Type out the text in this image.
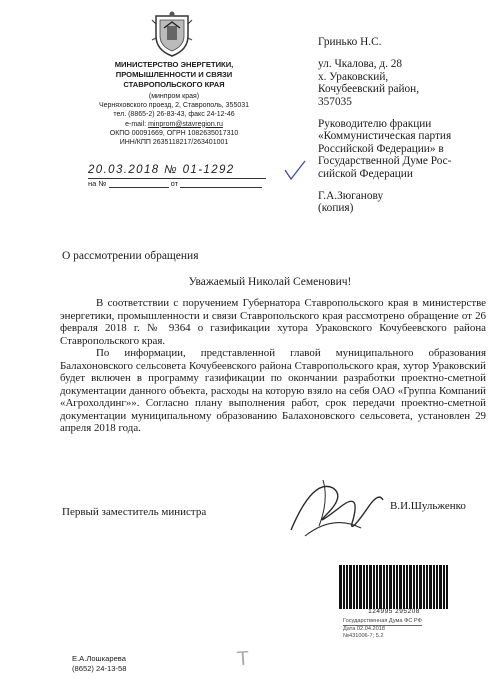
МИНИСТЕРСТВО ЭНЕРГЕТИКИ,
ПРОМЫШЛЕННОСТИ И СВЯЗИ
СТАВРОПОЛЬСКОГО КРАЯ
(минпром края)
Черняховского проезд, 2, Ставрополь, 355031
тел. (8865-2) 26-83-43, факс 24-12-46
e-mail: minprom@stavregion.ru
ОКПО 00091669, ОГРН 1082635017310
ИНН/КПП 2635118217/263401001
20.03.2018 № 01-1292
на №	от

Гринько Н.С.

ул. Чкалова, д. 28

х. Ураковский,

Кочубеевский район,

357035

Руководителю фракции

«Коммунистическая партия

Российской Федерации» в

Государственной Думе Рос-

сийской Федерации

Г.А.Зюганову

(копия)

О рассмотрении обращения
Уважаемый Николай Семенович!

В соответствии с поручением Губернатора Ставропольского края в министерстве энергетики, промышленности и связи Ставропольского края рассмотрено обращение от 26 февраля 2018 г. № 9364 о газификации хутора Ураковского Кочубеевского района Ставропольского края.

По информации, представленной главой муниципального образования Балахоновского сельсовета Кочубеевского района Ставропольского края, хутор Ураковский будет включен в программу газификации по окончании разработки проектно-сметной документации данного объекта, расходы на которую взяло на себя ОАО «Группа Компаний «Агрохолдинг»». Согласно плану выполнения работ, срок передачи проектно-сметной документации муниципальному образованию Балахоновского сельсовета, установлен 29 апреля 2018 года.

Первый заместитель министра	В.И.Шульженко
124995 295208
Государственная Дума ФС РФ
Дата 02.04.2018
№431006-7; 5.2
Т
Е.А.Лошкарева
(8652) 24-13-58
